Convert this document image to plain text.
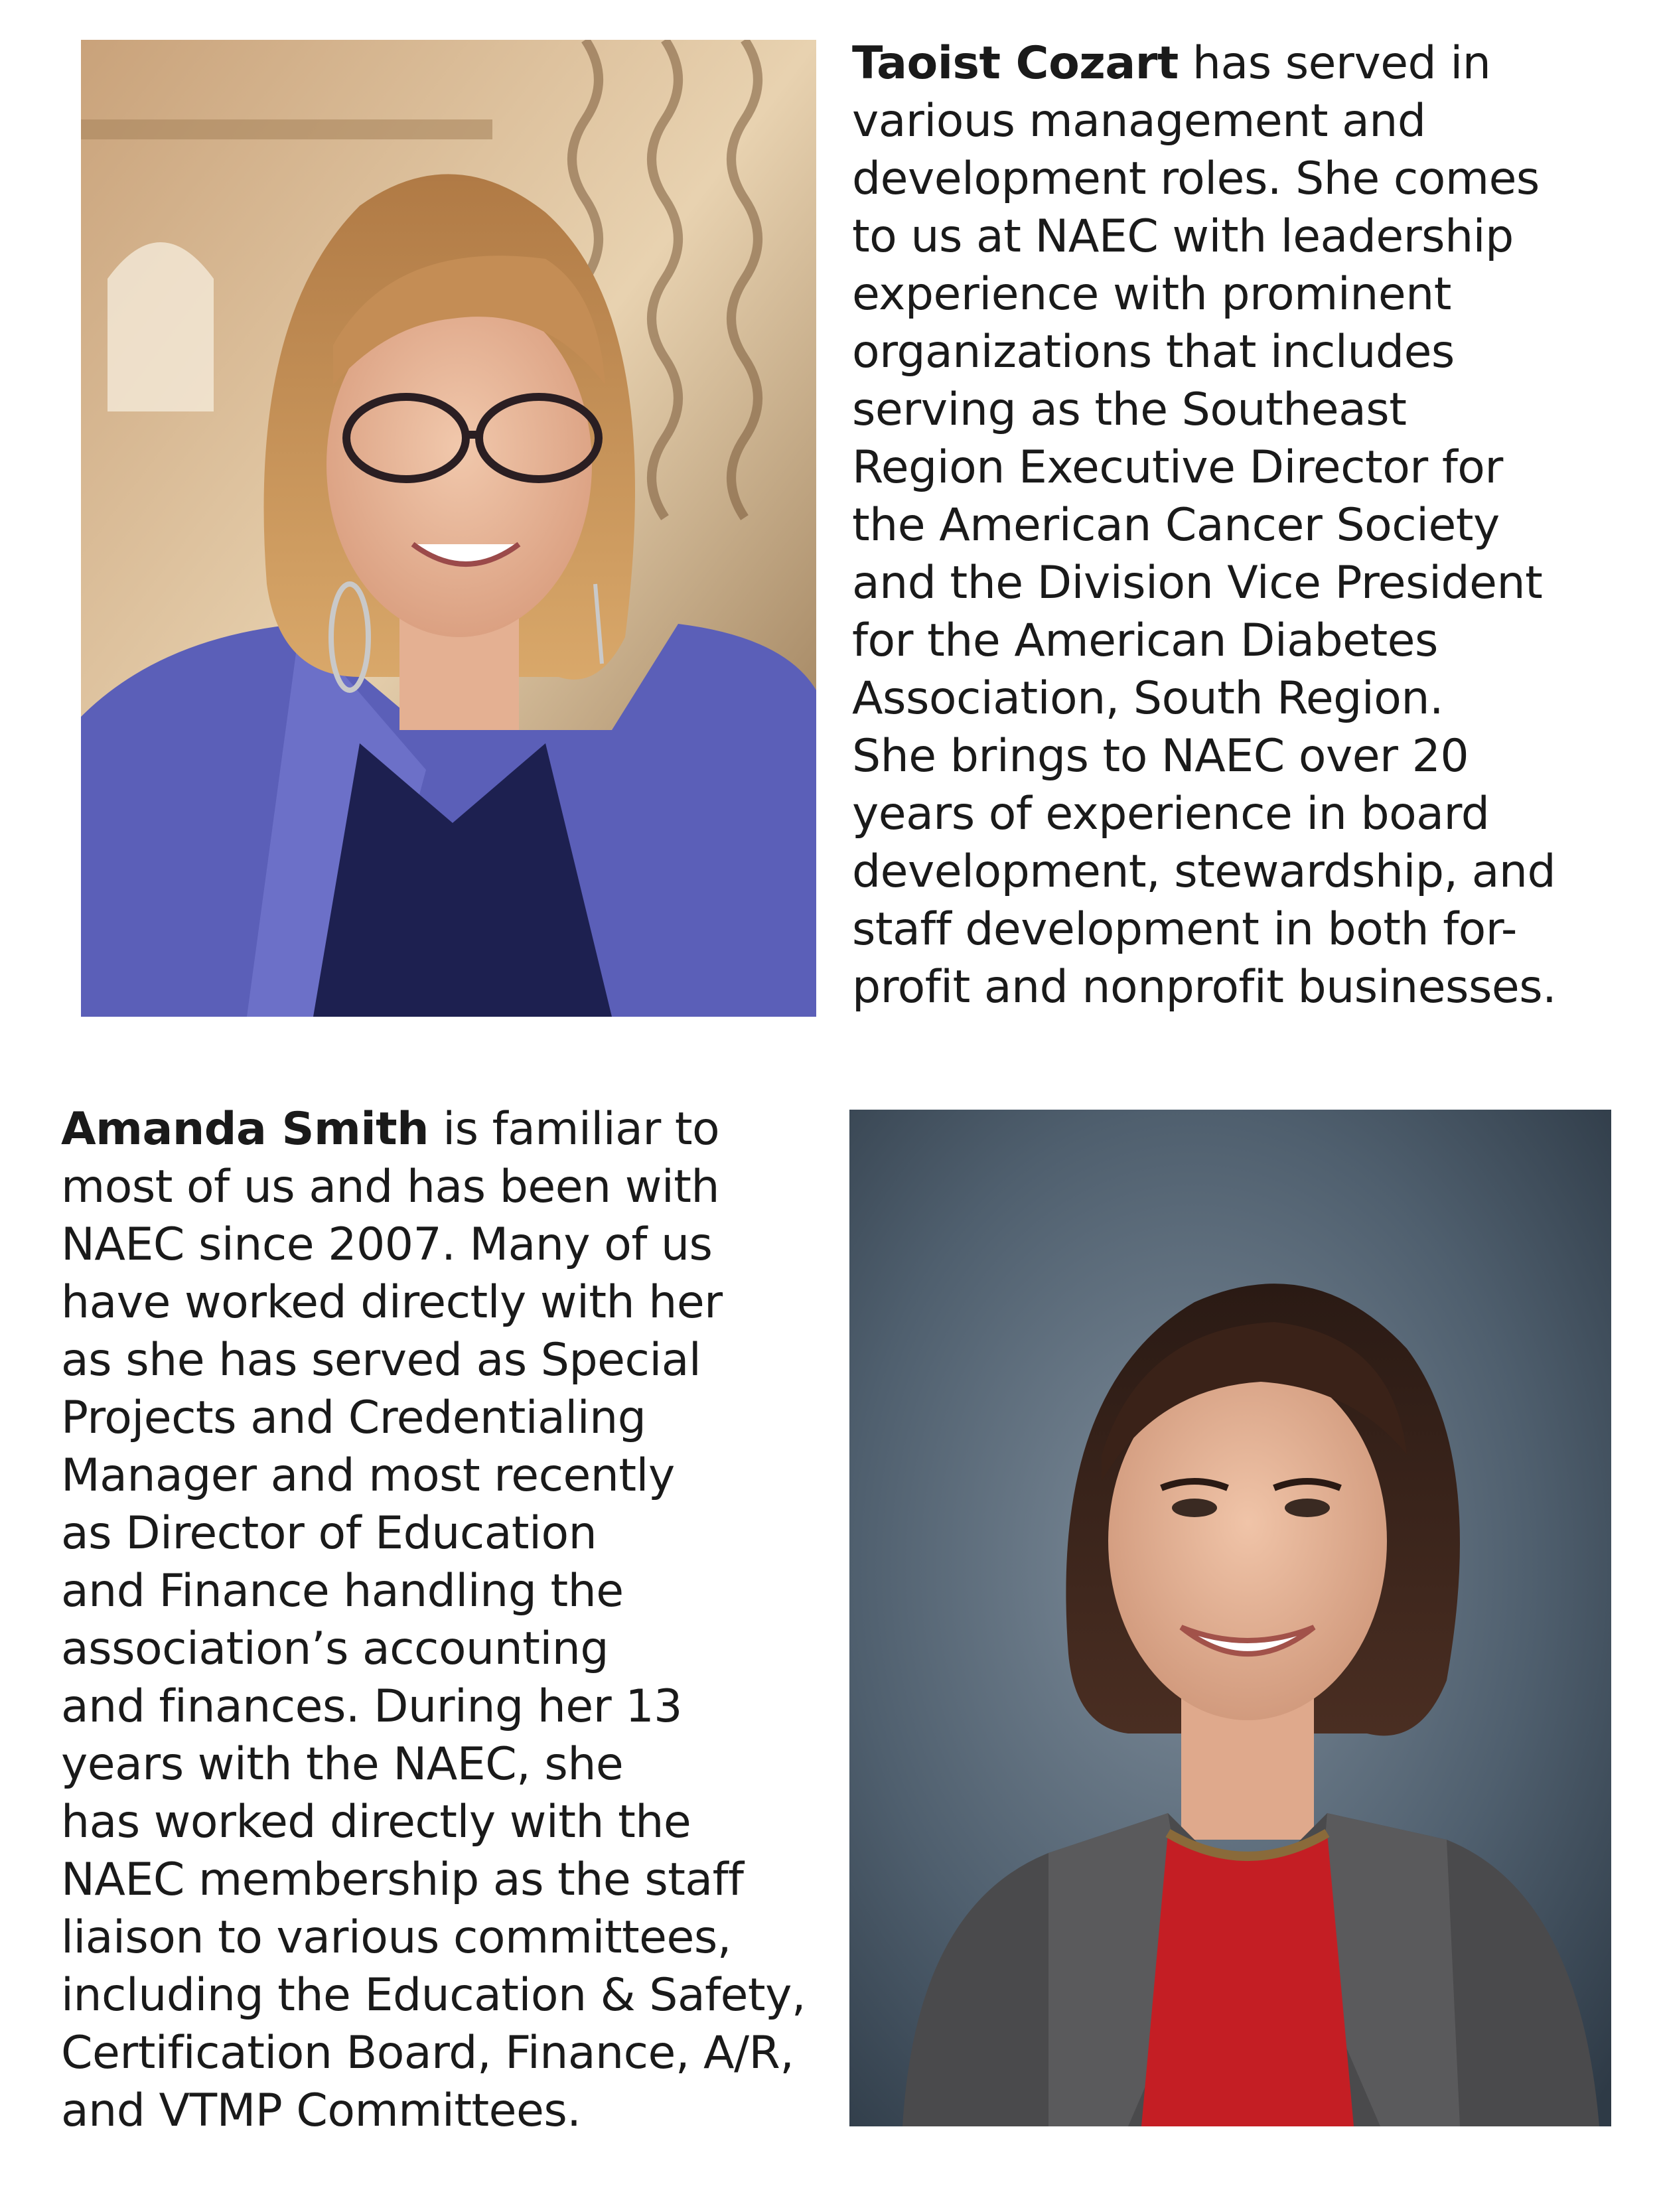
Taoist Cozart has served in
various management and
development roles. She comes
to us at NAEC with leadership
experience with prominent
organizations that includes
serving as the Southeast
Region Executive Director for
the American Cancer Society
and the Division Vice President
for the American Diabetes
Association, South Region.
She brings to NAEC over 20
years of experience in board
development, stewardship, and
staff development in both for-
profit and nonprofit businesses.

Amanda Smith is familiar to
most of us and has been with
NAEC since 2007. Many of us
have worked directly with her
as she has served as Special
Projects and Credentialing
Manager and most recently
as Director of Education
and Finance handling the
association’s accounting
and finances. During her 13
years with the NAEC, she
has worked directly with the
NAEC membership as the staff
liaison to various committees,
including the Education & Safety,
Certification Board, Finance, A/R,
and VTMP Committees.
